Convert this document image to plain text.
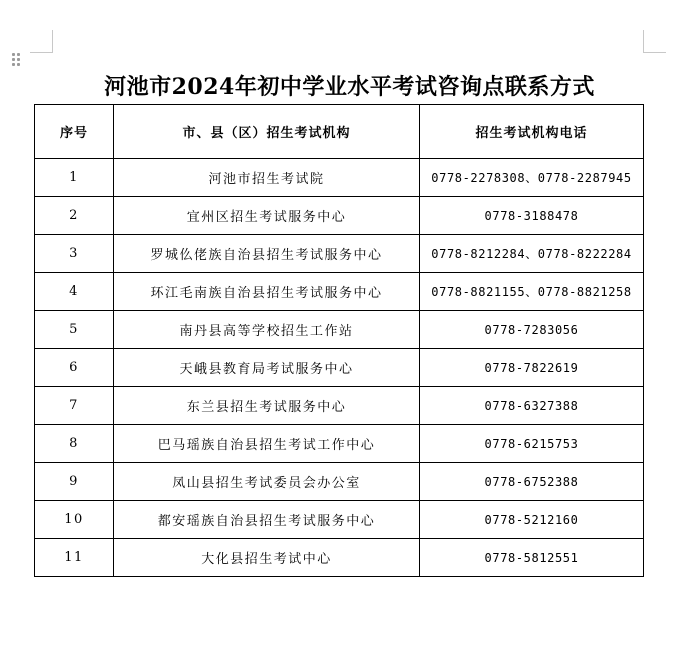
河池市2024年初中学业水平考试咨询点联系方式
序号	市、县（区）招生考试机构	招生考试机构电话
1	河池市招生考试院	0778-2278308、0778-2287945
2	宜州区招生考试服务中心	0778-3188478
3	罗城仫佬族自治县招生考试服务中心	0778-8212284、0778-8222284
4	环江毛南族自治县招生考试服务中心	0778-8821155、0778-8821258
5	南丹县高等学校招生工作站	0778-7283056
6	天峨县教育局考试服务中心	0778-7822619
7	东兰县招生考试服务中心	0778-6327388
8	巴马瑶族自治县招生考试工作中心	0778-6215753
9	凤山县招生考试委员会办公室	0778-6752388
10	都安瑶族自治县招生考试服务中心	0778-5212160
11	大化县招生考试中心	0778-5812551
